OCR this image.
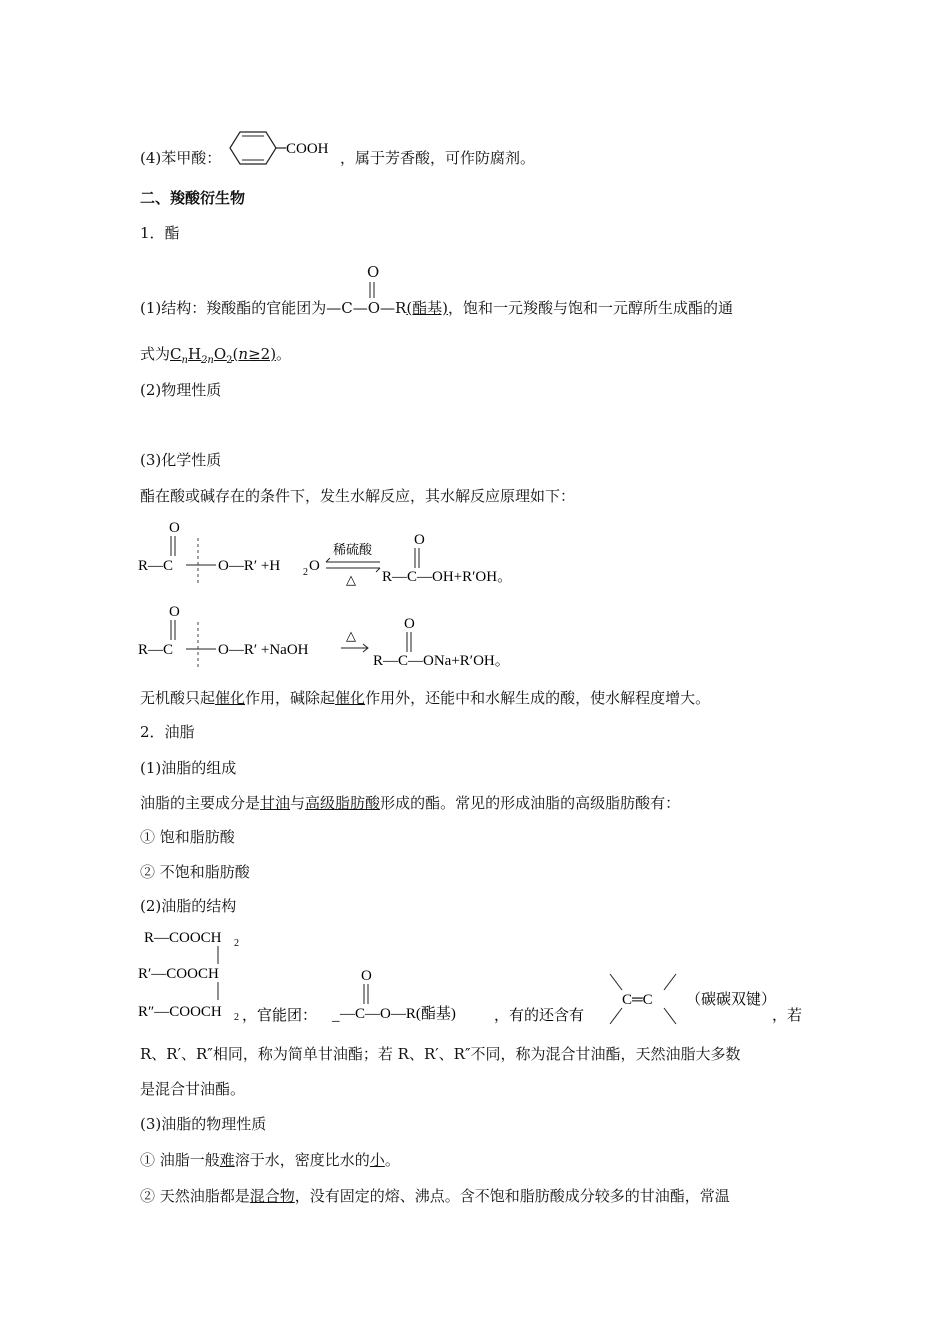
(4)苯甲酸：	COOH ，属于芳香酸，可作防腐剂。
二、羧酸衍生物
1．酯
O
(1)结构：羧酸酯的官能团为—C—O—R(酯基)，饱和一元羧酸与饱和一元醇所生成酯的通
式为$C_nH_{2n}O_2(n\ge 2)$。
(2)物理性质
(3)化学性质
酯在酸或碱存在的条件下，发生水解反应，其水解反应原理如下：
O
R—C	O—R′ +H 2 O
稀硫酸
△
O
R—C—OH+R′OH。
O
R—C	O—R′ +NaOH
△
O
R—C—ONa+R′OH。
无机酸只起催化作用，碱除起催化作用外，还能中和水解生成的酸，使水解程度增大。
2．油脂
(1)油脂的组成
油脂的主要成分是甘油与高级脂肪酸形成的酯。常见的形成油脂的高级脂肪酸有：
① 饱和脂肪酸
② 不饱和脂肪酸
(2)油脂的结构
R—COOCH 2
R′—COOCH
R″—COOCH 2 ，官能团： _
O
—C—O—R(酯基)	，有的还含有
C═C （碳碳双键）
，若
R、R′、R″相同，称为简单甘油酯；若 R、R′、R″不同，称为混合甘油酯，天然油脂大多数
是混合甘油酯。
(3)油脂的物理性质
① 油脂一般难溶于水，密度比水的小。
② 天然油脂都是混合物，没有固定的熔、沸点。含不饱和脂肪酸成分较多的甘油酯，常温
